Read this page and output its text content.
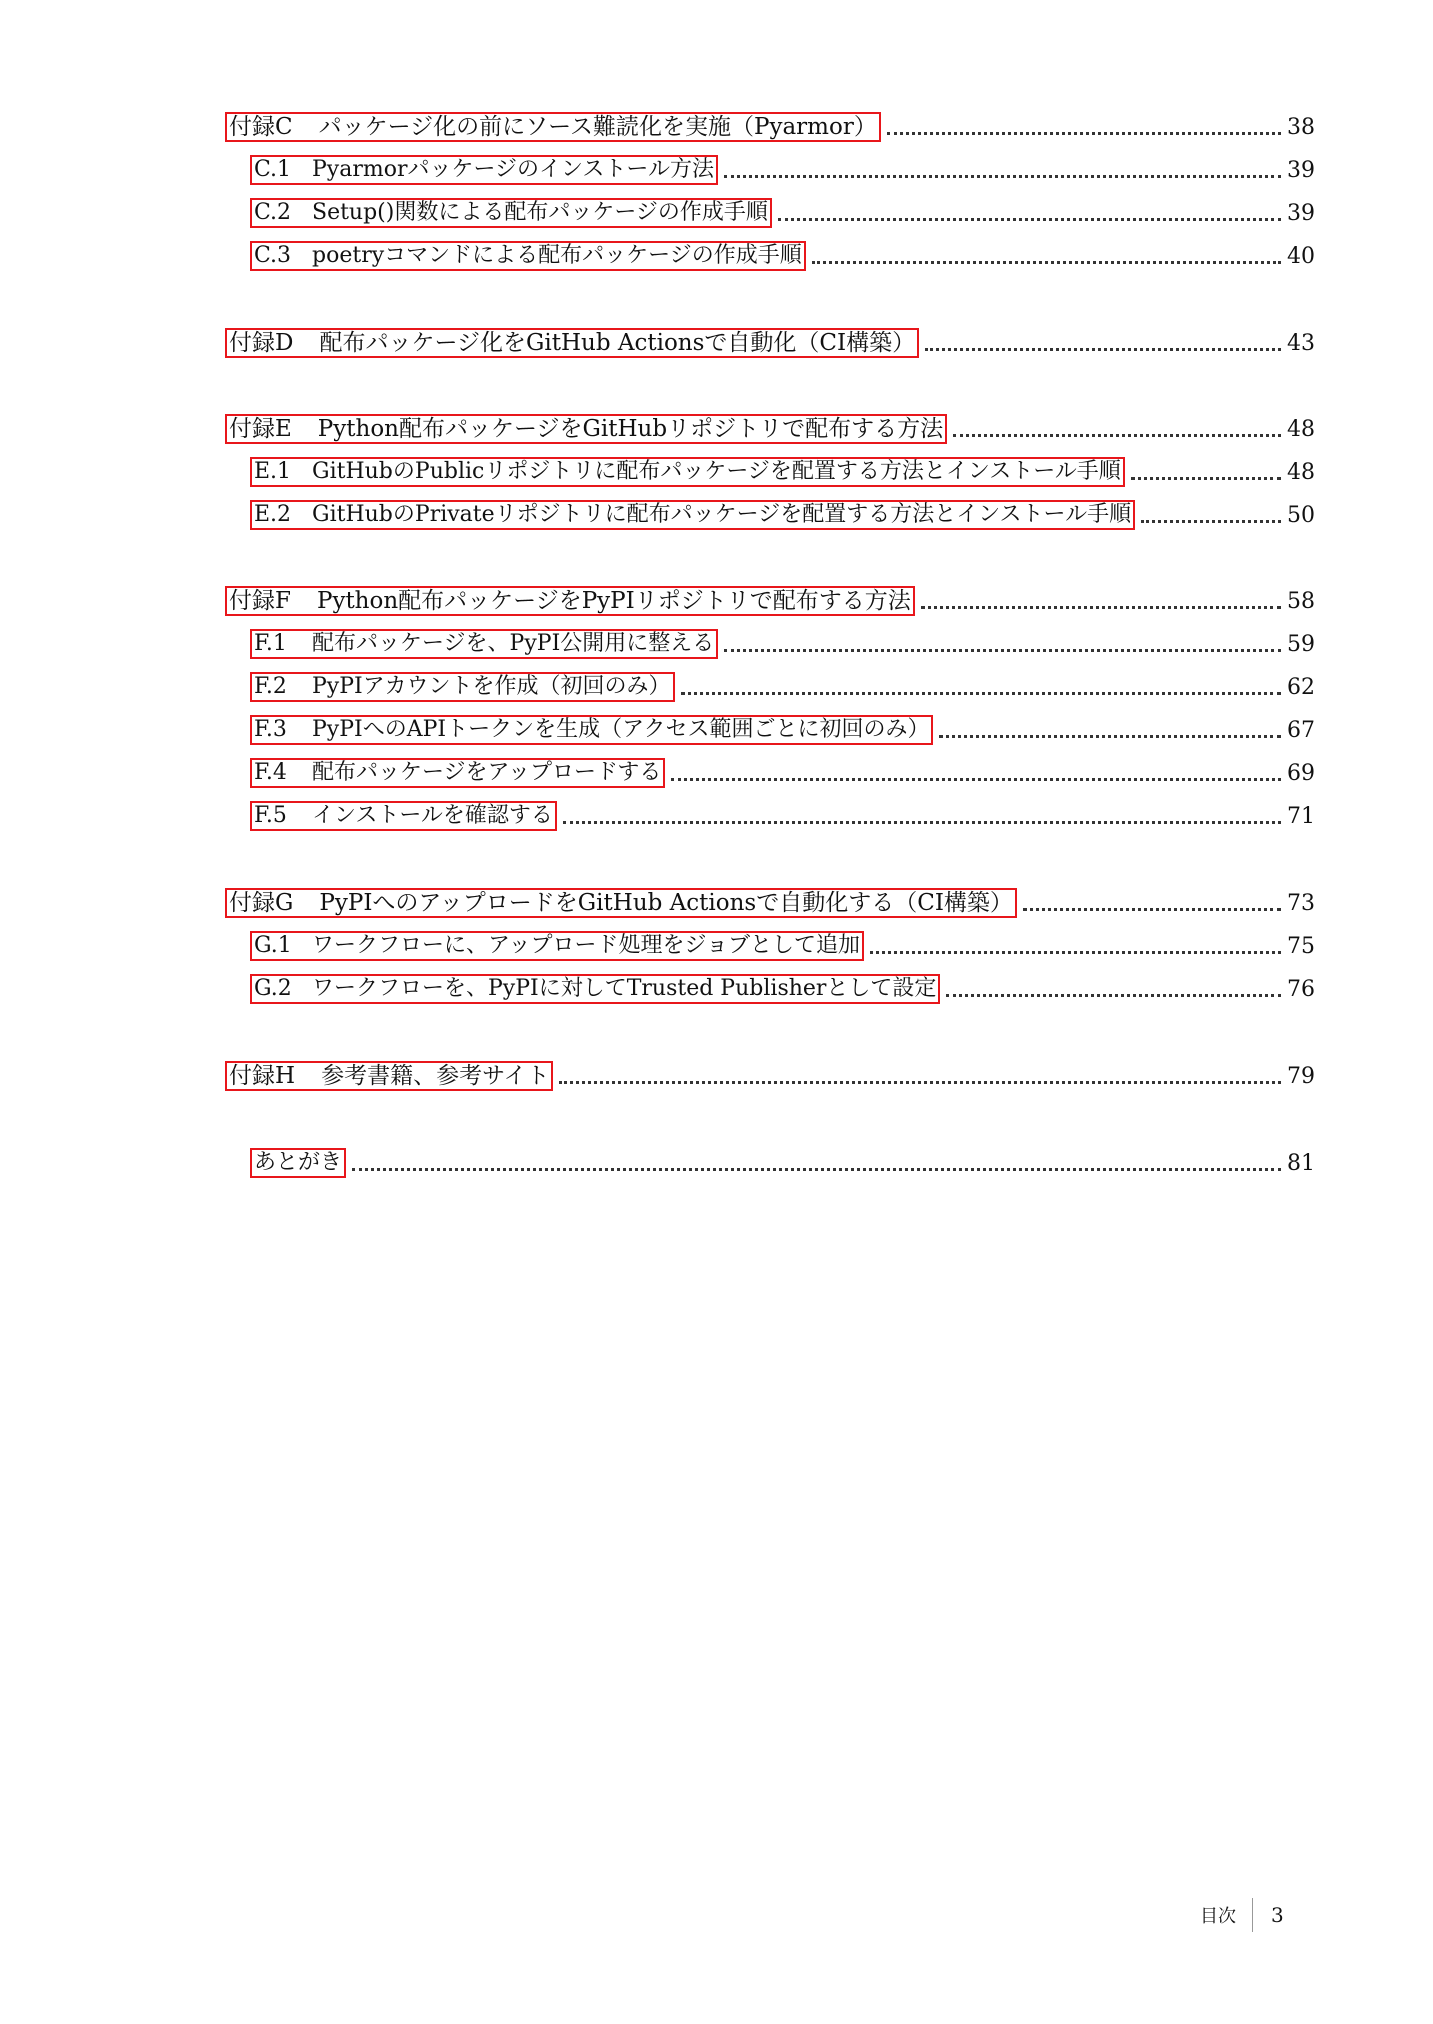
付録C パッケージ化の前にソース難読化を実施（Pyarmor）	38
C.1 Pyarmorパッケージのインストール方法	39
C.2 Setup()関数による配布パッケージの作成手順	39
C.3 poetryコマンドによる配布パッケージの作成手順	40
付録D 配布パッケージ化をGitHub Actionsで自動化（CI構築）	43
付録E Python配布パッケージをGitHubリポジトリで配布する方法	48
E.1 GitHubのPublicリポジトリに配布パッケージを配置する方法とインストール手順	48
E.2 GitHubのPrivateリポジトリに配布パッケージを配置する方法とインストール手順	50
付録F Python配布パッケージをPyPIリポジトリで配布する方法	58
F.1 配布パッケージを、PyPI公開用に整える	59
F.2 PyPIアカウントを作成（初回のみ）	62
F.3 PyPIへのAPIトークンを生成（アクセス範囲ごとに初回のみ）	67
F.4 配布パッケージをアップロードする	69
F.5 インストールを確認する	71
付録G PyPIへのアップロードをGitHub Actionsで自動化する（CI構築）	73
G.1 ワークフローに、アップロード処理をジョブとして追加	75
G.2 ワークフローを、PyPIに対してTrusted Publisherとして設定	76
付録H 参考書籍、参考サイト	79
あとがき	81
目次 3
